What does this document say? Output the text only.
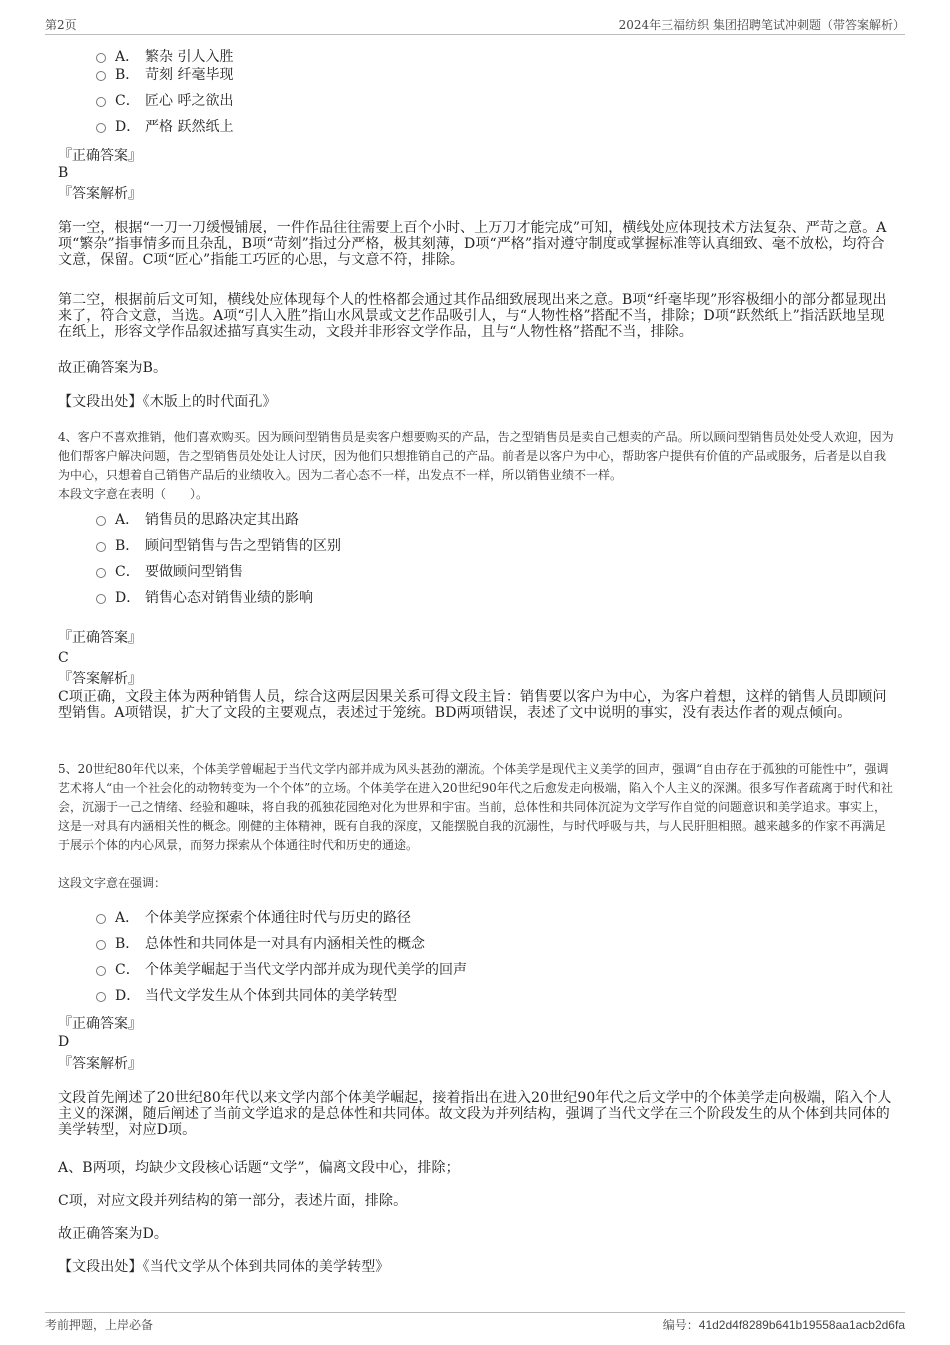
第2页	2024年三福纺织 集团招聘笔试冲刺题（带答案解析）
A． 繁杂 引人入胜
B． 苛刻 纤毫毕现
C． 匠心 呼之欲出
D． 严格 跃然纸上
『正确答案』
B
『答案解析』
第一空，根据“一刀一刀缓慢铺展，一件作品往往需要上百个小时、上万刀才能完成”可知，横线处应体现技术方法复杂、严苛之意。A项“繁杂”指事情多而且杂乱，B项“苛刻”指过分严格，极其刻薄，D项“严格”指对遵守制度或掌握标准等认真细致、毫不放松，均符合文意，保留。C项“匠心”指能工巧匠的心思，与文意不符，排除。
第二空，根据前后文可知，横线处应体现每个人的性格都会通过其作品细致展现出来之意。B项“纤毫毕现”形容极细小的部分都显现出来了，符合文意，当选。A项“引人入胜”指山水风景或文艺作品吸引人，与“人物性格”搭配不当，排除；D项“跃然纸上”指活跃地呈现在纸上，形容文学作品叙述描写真实生动，文段并非形容文学作品，且与“人物性格”搭配不当，排除。
故正确答案为B。
【文段出处】《木版上的时代面孔》
4、客户不喜欢推销，他们喜欢购买。因为顾问型销售员是卖客户想要购买的产品，告之型销售员是卖自己想卖的产品。所以顾问型销售员处处受人欢迎，因为他们帮客户解决问题，告之型销售员处处让人讨厌，因为他们只想推销自己的产品。前者是以客户为中心，帮助客户提供有价值的产品或服务，后者是以自我为中心，只想着自己销售产品后的业绩收入。因为二者心态不一样，出发点不一样，所以销售业绩不一样。
本段文字意在表明（　　）。
A． 销售员的思路决定其出路
B． 顾问型销售与告之型销售的区别
C． 要做顾问型销售
D． 销售心态对销售业绩的影响
『正确答案』
C
『答案解析』
C项正确，文段主体为两种销售人员，综合这两层因果关系可得文段主旨：销售要以客户为中心，为客户着想，这样的销售人员即顾问型销售。A项错误，扩大了文段的主要观点，表述过于笼统。BD两项错误，表述了文中说明的事实，没有表达作者的观点倾向。
5、20世纪80年代以来，个体美学曾崛起于当代文学内部并成为风头甚劲的潮流。个体美学是现代主义美学的回声，强调“自由存在于孤独的可能性中”，强调艺术将人“由一个社会化的动物转变为一个个体”的立场。个体美学在进入20世纪90年代之后愈发走向极端，陷入个人主义的深渊。很多写作者疏离于时代和社会，沉溺于一己之情绪、经验和趣味，将自我的孤独花园绝对化为世界和宇宙。当前，总体性和共同体沉淀为文学写作自觉的问题意识和美学追求。事实上，这是一对具有内涵相关性的概念。刚健的主体精神，既有自我的深度，又能摆脱自我的沉溺性，与时代呼吸与共，与人民肝胆相照。越来越多的作家不再满足于展示个体的内心风景，而努力探索从个体通往时代和历史的通途。
这段文字意在强调：
A． 个体美学应探索个体通往时代与历史的路径
B． 总体性和共同体是一对具有内涵相关性的概念
C． 个体美学崛起于当代文学内部并成为现代美学的回声
D． 当代文学发生从个体到共同体的美学转型
『正确答案』
D
『答案解析』
文段首先阐述了20世纪80年代以来文学内部个体美学崛起，接着指出在进入20世纪90年代之后文学中的个体美学走向极端，陷入个人主义的深渊，随后阐述了当前文学追求的是总体性和共同体。故文段为并列结构，强调了当代文学在三个阶段发生的从个体到共同体的美学转型，对应D项。
A、B两项，均缺少文段核心话题“文学”，偏离文段中心，排除；
C项，对应文段并列结构的第一部分，表述片面，排除。
故正确答案为D。
【文段出处】《当代文学从个体到共同体的美学转型》
考前押题，上岸必备	编号：41d2d4f8289b641b19558aa1acb2d6fa
